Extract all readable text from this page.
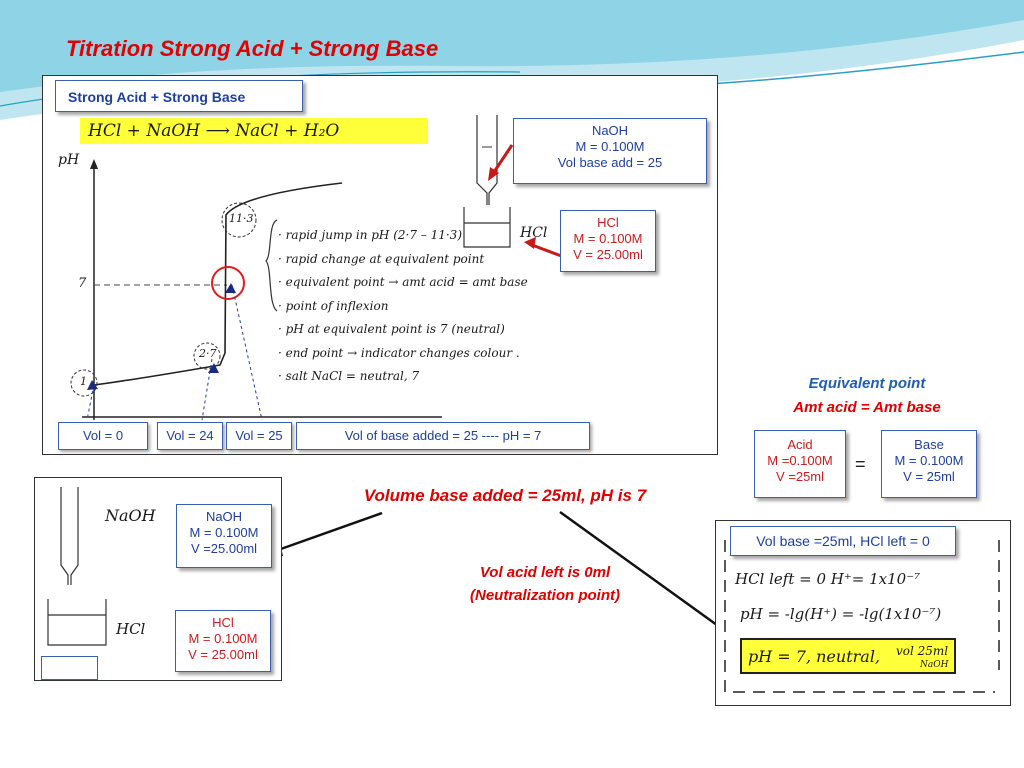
Titration Strong Acid + Strong Base
Strong Acid + Strong Base
HCl + NaOH ⟶ NaCl + H₂O
pH
7
1
2·7
11·3
· rapid jump in pH (2·7 – 11·3)
· rapid change at equivalent point
· equivalent point → amt acid = amt base
· point of inflexion
· pH at equivalent point is 7 (neutral)
· end point → indicator changes colour .
· salt NaCl = neutral, 7
HCl
NaOH
M = 0.100M
Vol base add = 25
HCl
M = 0.100M
V = 25.00ml
Vol = 0	Vol = 24	Vol = 25	Vol of base added = 25 ---- pH = 7
Equivalent point
Amt acid = Amt base
Acid
M =0.100M
V =25ml
=
Base
M = 0.100M
V = 25ml
Volume base added = 25ml, pH is 7
Vol acid left is 0ml
(Neutralization point)
NaOH
HCl
NaOH
M = 0.100M
V =25.00ml
HCl
M = 0.100M
V = 25.00ml
Vol base =25ml, HCl left = 0
HCl left = 0 H⁺= 1x10⁻⁷
pH = -lg(H⁺) = -lg(1x10⁻⁷)
pH = 7, neutral, vol 25ml
NaOH
